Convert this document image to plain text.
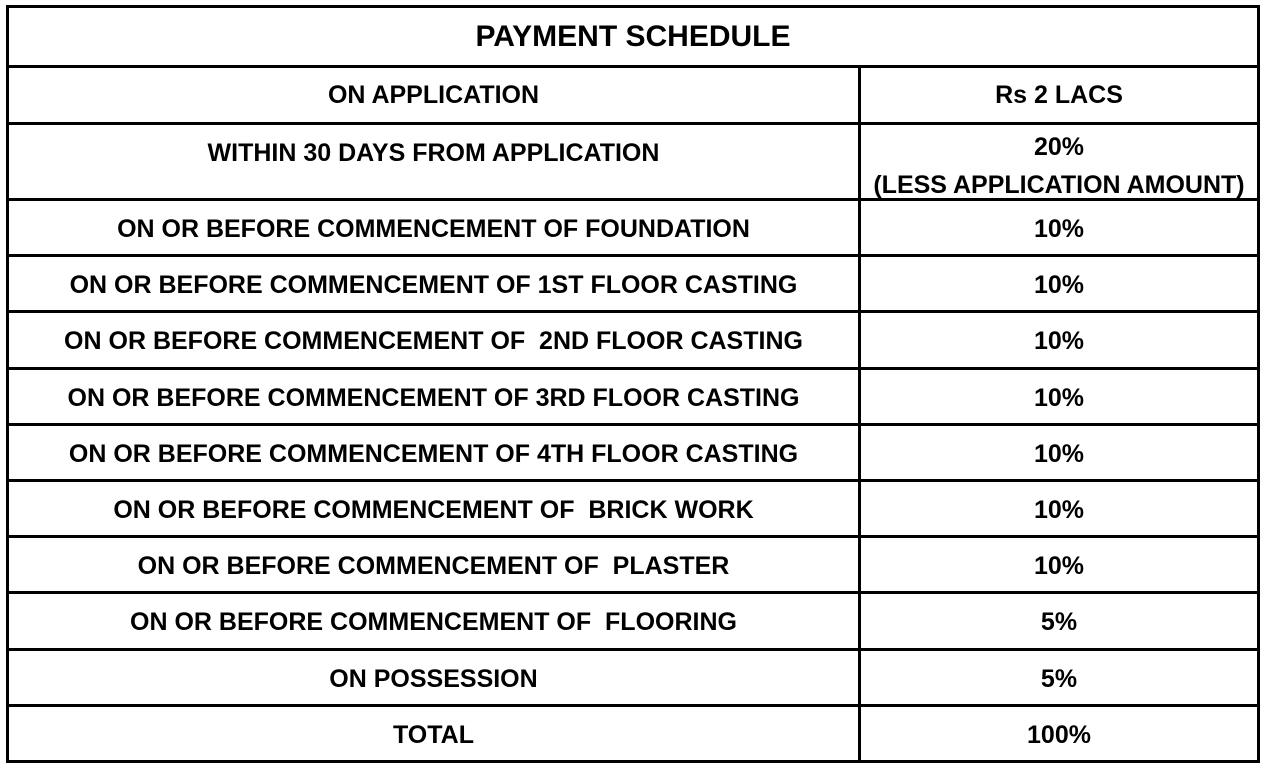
PAYMENT SCHEDULE
ON APPLICATION	Rs 2 LACS
WITHIN 30 DAYS FROM APPLICATION	20%
(LESS APPLICATION AMOUNT)
ON OR BEFORE COMMENCEMENT OF FOUNDATION	10%
ON OR BEFORE COMMENCEMENT OF 1ST FLOOR CASTING	10%
ON OR BEFORE COMMENCEMENT OF  2ND FLOOR CASTING	10%
ON OR BEFORE COMMENCEMENT OF 3RD FLOOR CASTING	10%
ON OR BEFORE COMMENCEMENT OF 4TH FLOOR CASTING	10%
ON OR BEFORE COMMENCEMENT OF  BRICK WORK	10%
ON OR BEFORE COMMENCEMENT OF  PLASTER	10%
ON OR BEFORE COMMENCEMENT OF  FLOORING	5%
ON POSSESSION	5%
TOTAL	100%
